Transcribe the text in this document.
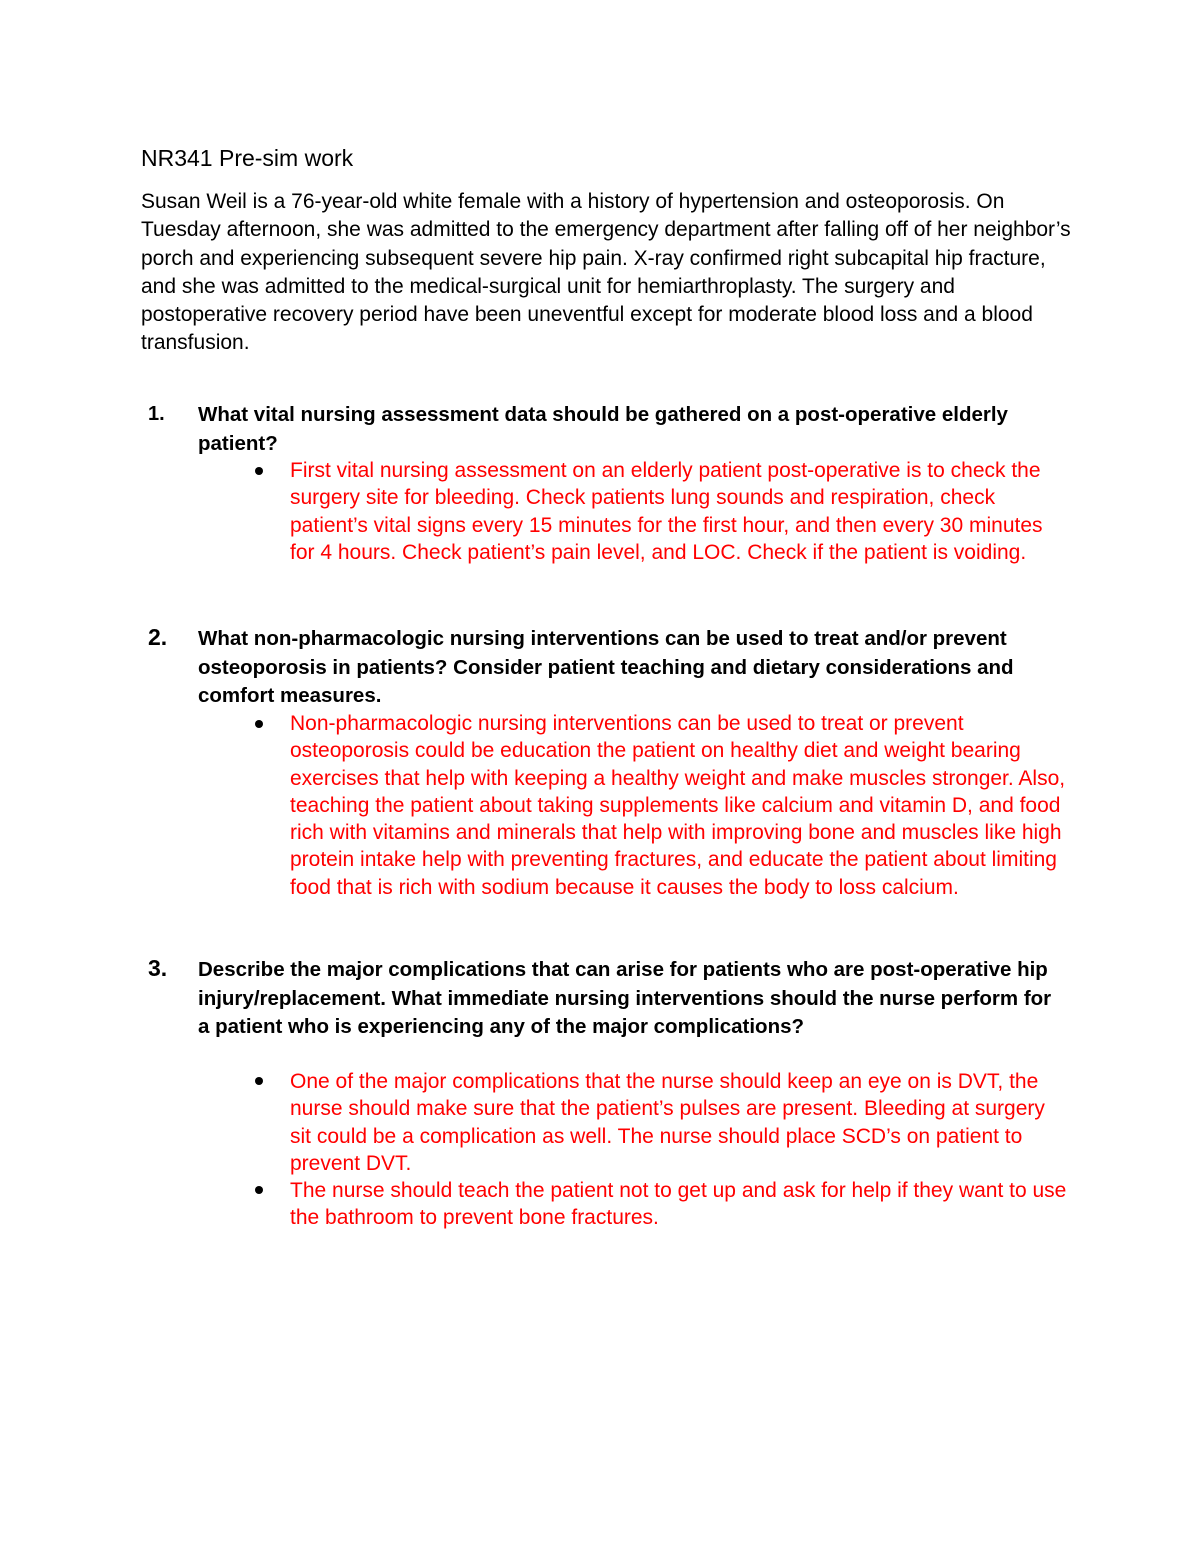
NR341 Pre-sim work

Susan Weil is a 76-year-old white female with a history of hypertension and osteoporosis. On Tuesday afternoon, she was admitted to the emergency department after falling off of her neighbor’s porch and experiencing subsequent severe hip pain. X-ray confirmed right subcapital hip fracture, and she was admitted to the medical-surgical unit for hemiarthroplasty. The surgery and postoperative recovery period have been uneventful except for moderate blood loss and a blood transfusion.

1. What vital nursing assessment data should be gathered on a post-operative elderly patient?

First vital nursing assessment on an elderly patient post-operative is to check the surgery site for bleeding. Check patients lung sounds and respiration, check patient’s vital signs every 15 minutes for the first hour, and then every 30 minutes for 4 hours. Check patient’s pain level, and LOC. Check if the patient is voiding.

2. What non-pharmacologic nursing interventions can be used to treat and/or prevent osteoporosis in patients? Consider patient teaching and dietary considerations and comfort measures.

Non-pharmacologic nursing interventions can be used to treat or prevent osteoporosis could be education the patient on healthy diet and weight bearing exercises that help with keeping a healthy weight and make muscles stronger. Also, teaching the patient about taking supplements like calcium and vitamin D, and food rich with vitamins and minerals that help with improving bone and muscles like high protein intake help with preventing fractures, and educate the patient about limiting food that is rich with sodium because it causes the body to loss calcium.

3. Describe the major complications that can arise for patients who are post-operative hip injury/replacement. What immediate nursing interventions should the nurse perform for a patient who is experiencing any of the major complications?

One of the major complications that the nurse should keep an eye on is DVT, the nurse should make sure that the patient’s pulses are present. Bleeding at surgery sit could be a complication as well. The nurse should place SCD’s on patient to prevent DVT.

The nurse should teach the patient not to get up and ask for help if they want to use the bathroom to prevent bone fractures.
